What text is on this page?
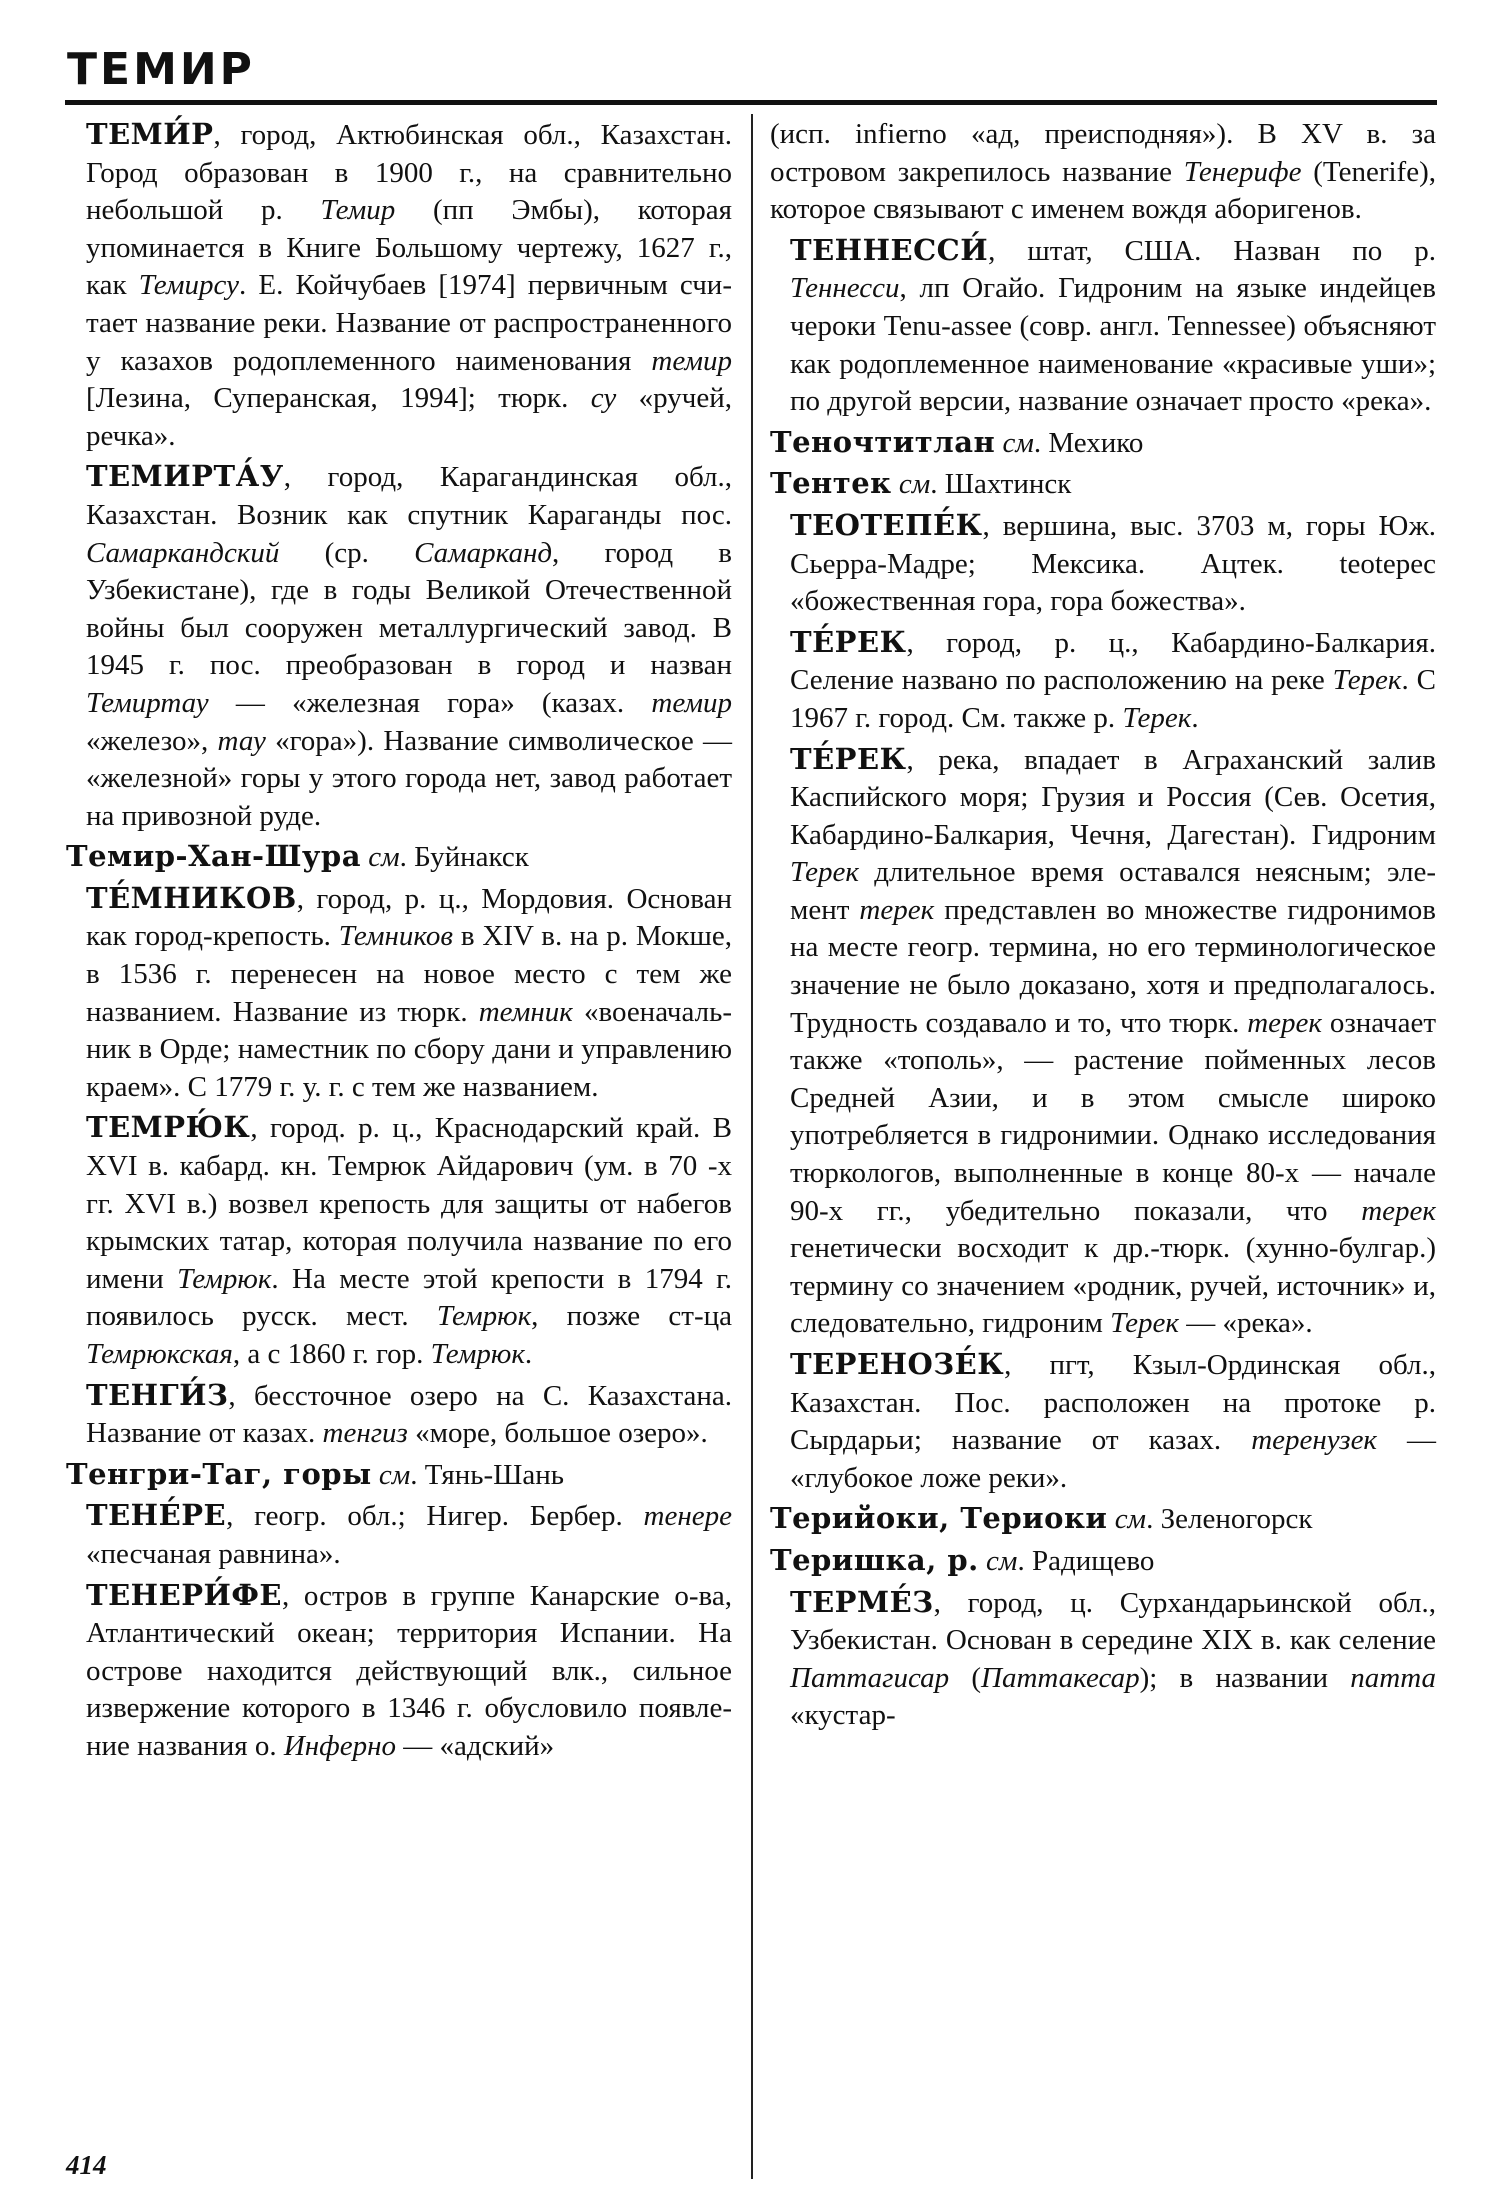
ТЕМИР

ТЕМИ́Р, город, Актюбинская обл., Казахстан. Город образован в 1900 г., на сравнительно небольшой р. Темир (пп Эмбы), которая упоминается в Книге Большому чертежу, 1627 г., как Темирсу. Е. Койчубаев [1974] первичным считает название реки. Название от распространенного у казахов родоплеменного наименования темир [Лезина, Суперанская, 1994]; тюрк. су «ручей, речка».

ТЕМИРТА́У, город, Карагандинская обл., Казахстан. Возник как спутник Караганды пос. Самаркандский (ср. Самарканд, город в Узбекистане), где в годы Великой Отечественной войны был сооружен металлургический завод. В 1945 г. пос. преобразован в город и назван Темиртау — «железная гора» (казах. темир «железо», тау «гора»). Название символическое — «железной» горы у этого города нет, завод работает на привозной руде.

Темир-Хан-Шура см. Буйнакск

ТЕ́МНИКОВ, город, р. ц., Мордовия. Основан как город-крепость. Темников в XIV в. на р. Мокше, в 1536 г. перенесен на новое место с тем же названием. Название из тюрк. темник «военачальник в Орде; наместник по сбору дани и управлению краем». С 1779 г. у. г. с тем же названием.

ТЕМРЮ́К, город. р. ц., Краснодарский край. В XVI в. кабард. кн. Темрюк Айдарович (ум. в 70 -х гг. XVI в.) возвел крепость для защиты от набегов крымских татар, которая получила название по его имени Темрюк. На месте этой крепости в 1794 г. появилось русск. мест. Темрюк, позже ст-ца Темрюкская, а с 1860 г. гор. Темрюк.

ТЕНГИ́З, бессточное озеро на С. Казахстана. Название от казах. тенгиз «море, большое озеро».

Тенгри-Таг, горы см. Тянь-Шань

ТЕНЕ́РЕ, геогр. обл.; Нигер. Бербер. тенере «песчаная равнина».

ТЕНЕРИ́ФЕ, остров в группе Канарские о-ва, Атлантический океан; территория Испании. На острове находится действующий влк., сильное извержение которого в 1346 г. обусловило появление названия о. Инферно — «адский»

(исп. infierno «ад, преисподняя»). В XV в. за островом закрепилось название Тенерифе (Tenerife), которое связывают с именем вождя аборигенов.

ТЕННЕССИ́, штат, США. Назван по р. Теннесси, лп Огайо. Гидроним на языке индейцев чероки Tenu-assee (совр. англ. Tennessee) объясняют как родоплеменное наименование «красивые уши»; по другой версии, название означает просто «река».

Теночтитлан см. Мехико

Тентек см. Шахтинск

ТЕОТЕПЕ́К, вершина, выс. 3703 м, горы Юж. Сьерра-Мадре; Мексика. Ацтек. teotepec «божественная гора, гора божества».

ТЕ́РЕК, город, р. ц., Кабардино-Балкария. Селение названо по расположению на реке Терек. С 1967 г. город. См. также р. Терек.

ТЕ́РЕК, река, впадает в Аграханский залив Каспийского моря; Грузия и Россия (Сев. Осетия, Кабардино-Балкария, Чечня, Дагестан). Гидроним Терек длительное время оставался неясным; элемент терек представлен во множестве гидронимов на месте геогр. термина, но его терминологическое значение не было доказано, хотя и предполагалось. Трудность создавало и то, что тюрк. терек означает также «тополь», — растение пойменных лесов Средней Азии, и в этом смысле широко употребляется в гидронимии. Однако исследования тюркологов, выполненные в конце 80-х — начале 90-х гг., убедительно показали, что терек генетически восходит к др.-тюрк. (хунно-булгар.) термину со значением «родник, ручей, источник» и, следовательно, гидроним Терек — «река».

ТЕРЕНОЗЕ́К, пгт, Кзыл-Ординская обл., Казахстан. Пос. расположен на протоке р. Сырдарьи; название от казах. теренузек — «глубокое ложе реки».

Терийоки, Териоки см. Зеленогорск

Теришка, р. см. Радищево

ТЕРМЕ́З, город, ц. Сурхандарьинской обл., Узбекистан. Основан в середине XIX в. как селение Паттагисар (Паттакесар); в названии патта «кустар-

414
